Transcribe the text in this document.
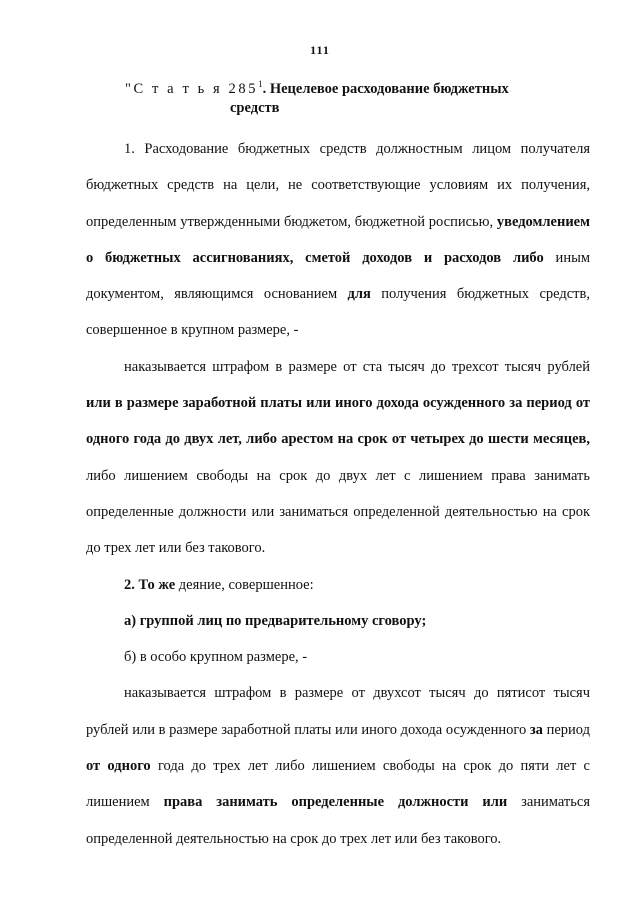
111
"С т а т ь я $285^1$. Нецелевое расходование бюджетных
средств

1. Расходование бюджетных средств должностным лицом получателя бюджетных средств на цели, не соответствующие условиям их получения, определенным утвержденными бюджетом, бюджетной росписью, уведомлением о бюджетных ассигнованиях, сметой доходов и расходов либо иным документом, являющимся основанием для получения бюджетных средств, совершенное в крупном размере, -

наказывается штрафом в размере от ста тысяч до трехсот тысяч рублей или в размере заработной платы или иного дохода осужденного за период от одного года до двух лет, либо арестом на срок от четырех до шести месяцев, либо лишением свободы на срок до двух лет с лишением права занимать определенные должности или заниматься определенной деятельностью на срок до трех лет или без такового.

2. То же деяние, совершенное:

а) группой лиц по предварительному сговору;

б) в особо крупном размере, -

наказывается штрафом в размере от двухсот тысяч до пятисот тысяч рублей или в размере заработной платы или иного дохода осужденного за период от одного года до трех лет либо лишением свободы на срок до пяти лет с лишением права занимать определенные должности или заниматься определенной деятельностью на срок до трех лет или без такового.
